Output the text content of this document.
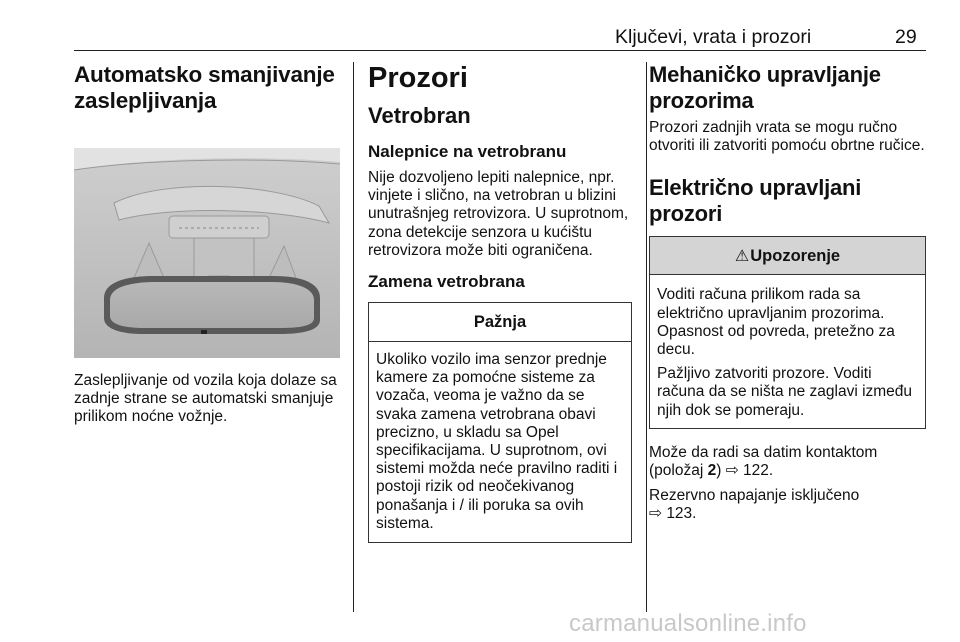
Ključevi, vrata i prozori	29
Automatsko smanjivanje zaslepljivanja

Zaslepljivanje od vozila koja dolaze sa zadnje strane se automatski smanjuje prilikom noćne vožnje.

Prozori
Vetrobran
Nalepnice na vetrobranu

Nije dozvoljeno lepiti nalepnice, npr. vinjete i slično, na vetrobran u blizini unutrašnjeg retrovizora. U suprotnom, zona detekcije senzora u kućištu retrovizora može biti ograničena.

Zamena vetrobrana
Pažnja
Ukoliko vozilo ima senzor prednje kamere za pomoćne sisteme za vozača, veoma je važno da se svaka zamena vetrobrana obavi precizno, u skladu sa Opel specifikacijama. U suprotnom, ovi sistemi možda neće pravilno raditi i postoji rizik od neočekivanog ponašanja i / ili poruka sa ovih sistema.
Mehaničko upravljanje prozorima

Prozori zadnjih vrata se mogu ručno otvoriti ili zatvoriti pomoću obrtne ručice.

Električno upravljani prozori
⚠Upozorenje

Voditi računa prilikom rada sa električno upravljanim prozorima. Opasnost od povreda, pretežno za decu.

Pažljivo zatvoriti prozore. Voditi računa da se ništa ne zaglavi između njih dok se pomeraju.

Može da radi sa datim kontaktom (položaj 2) ⇨ 122.

Rezervno napajanje isključeno
⇨ 123.

carmanualsonline.info
